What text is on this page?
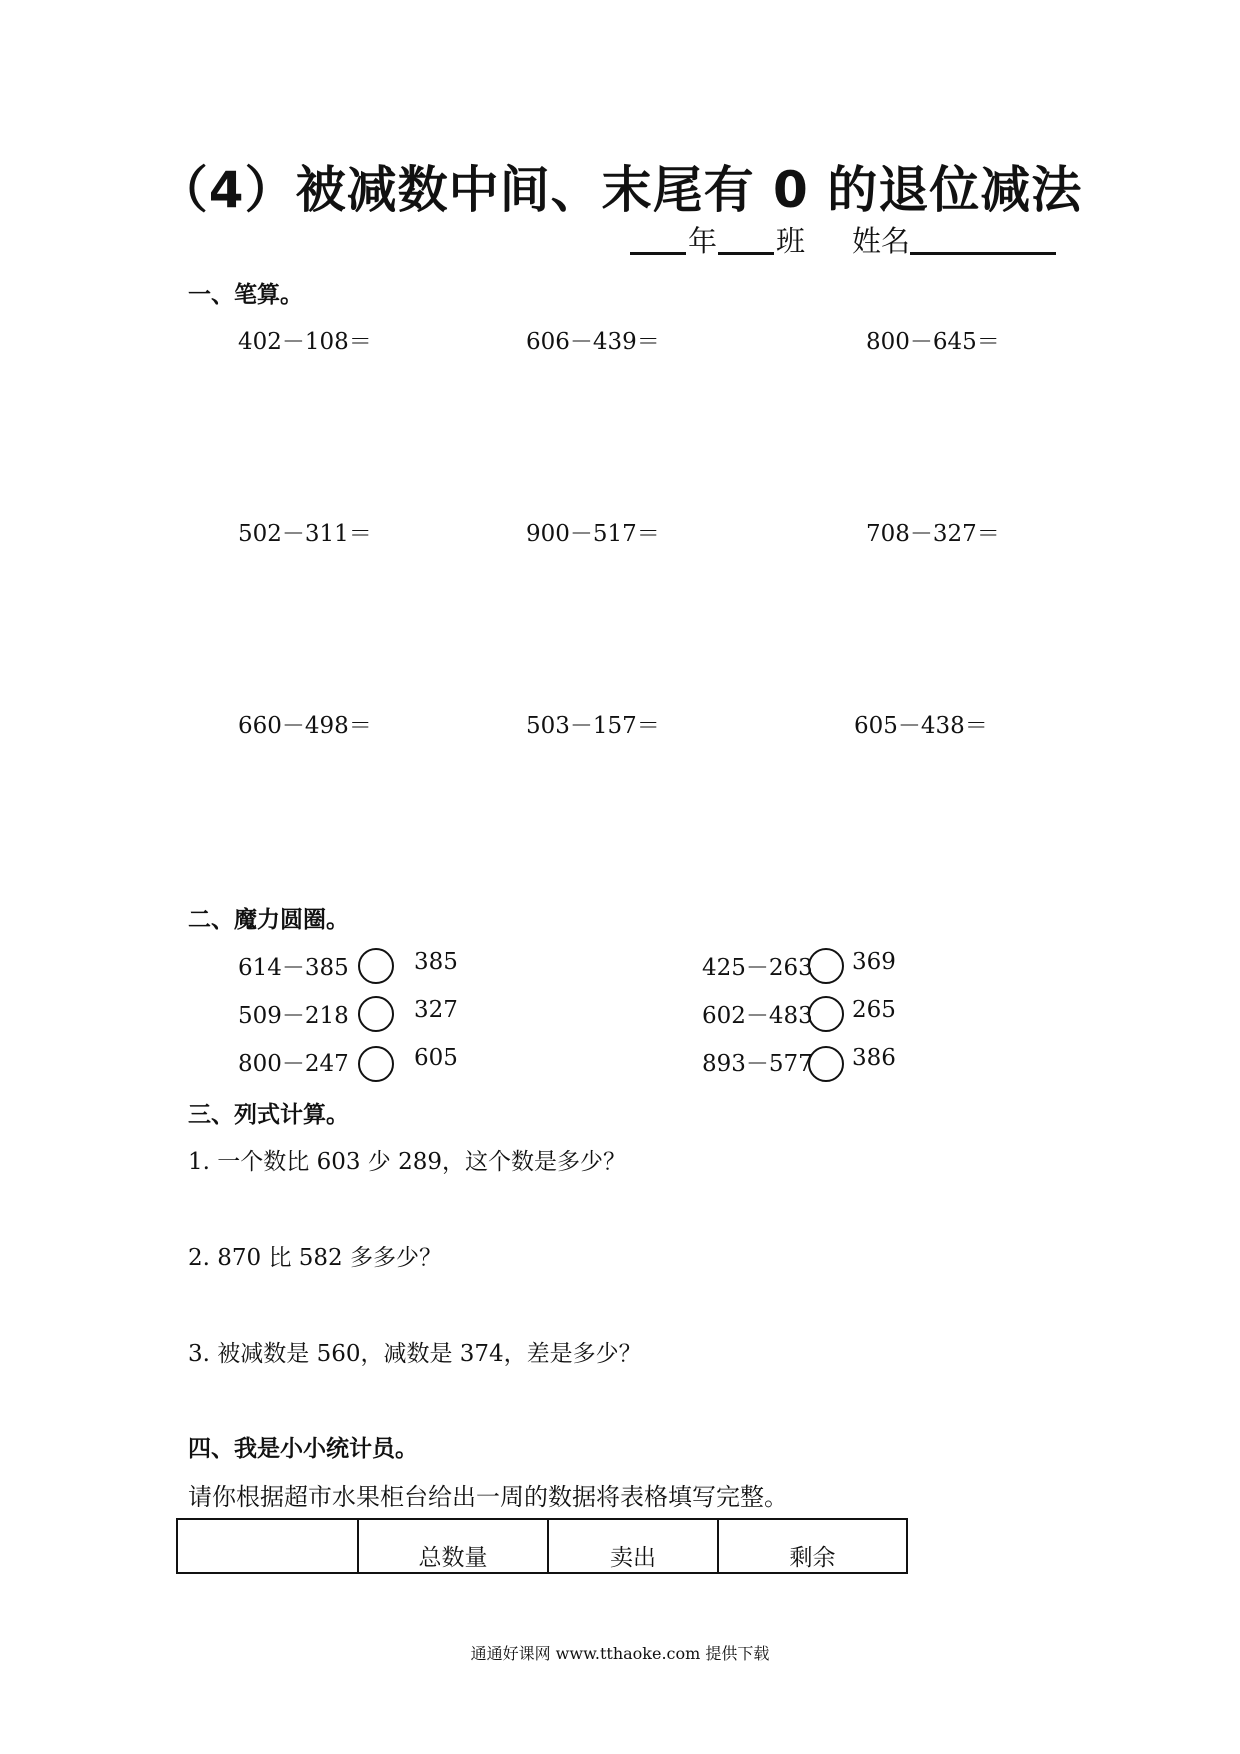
（4）被减数中间、末尾有 0 的退位减法
年 班 姓名
一、笔算。
402－108＝	606－439＝	800－645＝
502－311＝	900－517＝	708－327＝
660－498＝	503－157＝	605－438＝
二、魔力圆圈。
614－385	385
509－218	327
800－247	605
425－263 369
602－483 265
893－577 386
三、列式计算。
1. 一个数比 603 少 289，这个数是多少？
2. 870 比 582 多多少？
3. 被减数是 560，减数是 374，差是多少？
四、我是小小统计员。
请你根据超市水果柜台给出一周的数据将表格填写完整。
	总数量	卖出	剩余
通通好课网 www.tthaoke.com 提供下载
